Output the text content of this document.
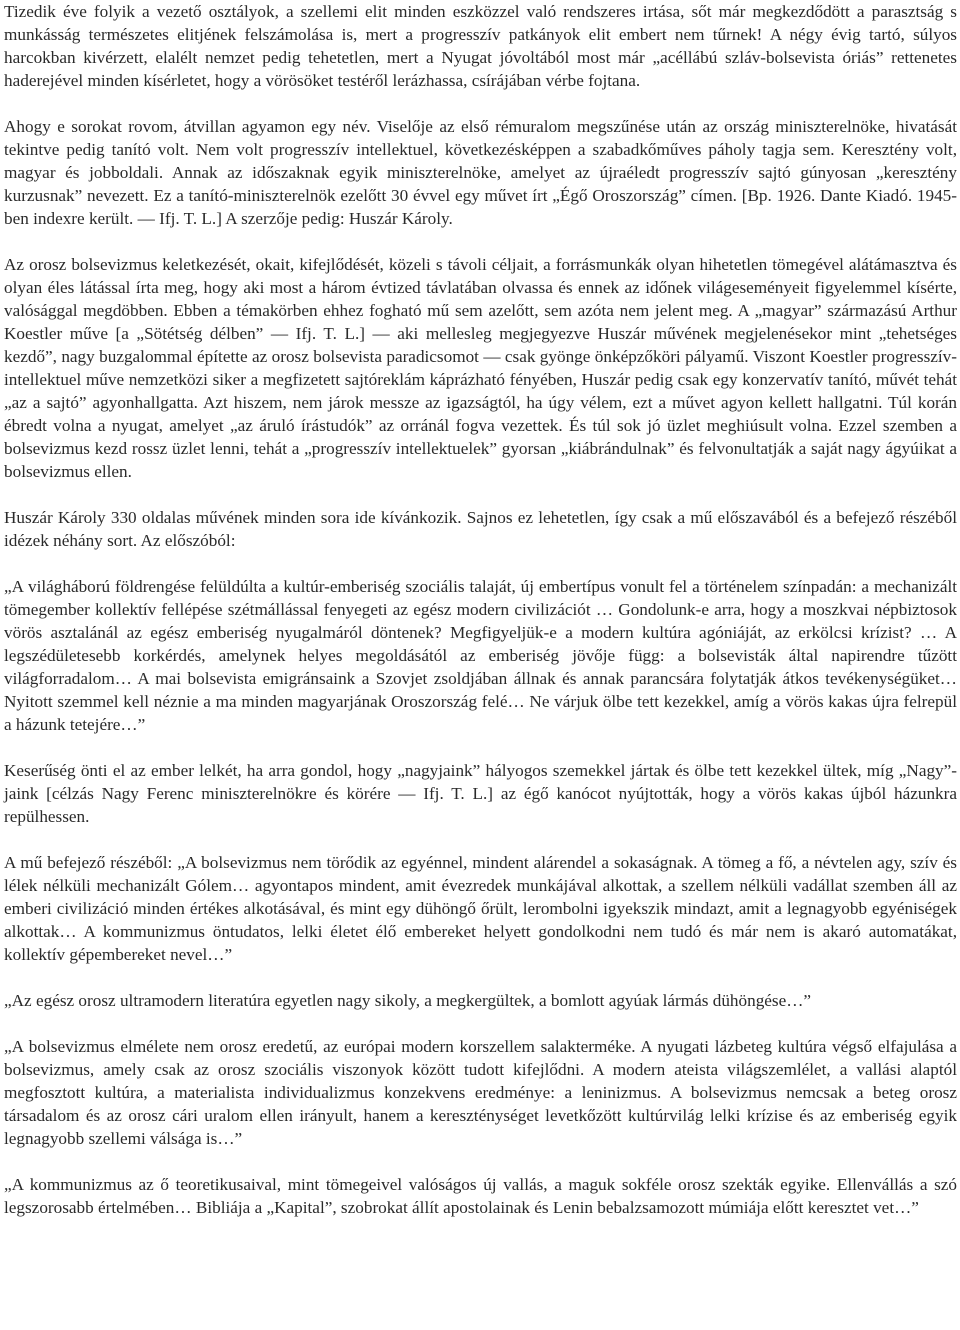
Tizedik éve folyik a vezető osztályok, a szellemi elit minden eszközzel való rendszeres irtása, sőt már megkezdődött a parasztság s munkásság természetes elitjének felszámolása is, mert a progresszív patkányok elit embert nem tűrnek! A négy évig tartó, súlyos harcokban kivérzett, elalélt nemzet pedig tehetetlen, mert a Nyugat jóvoltából most már „acéllábú szláv-bolsevista óriás” rettenetes haderejével minden kísérletet, hogy a vörösöket testéről lerázhassa, csírájában vérbe fojtana.

Ahogy e sorokat rovom, átvillan agyamon egy név. Viselője az első rémuralom megszűnése után az ország miniszterelnöke, hivatását tekintve pedig tanító volt. Nem volt progresszív intellektuel, következésképpen a szabadkőműves páholy tagja sem. Keresztény volt, magyar és jobboldali. Annak az időszaknak egyik miniszterelnöke, amelyet az újraéledt progresszív sajtó gúnyosan „keresztény kurzusnak” nevezett. Ez a tanító-miniszterelnök ezelőtt 30 évvel egy művet írt „Égő Oroszország” címen. [Bp. 1926. Dante Kiadó. 1945-ben indexre került. — Ifj. T. L.] A szerzője pedig: Huszár Károly.

Az orosz bolsevizmus keletkezését, okait, kifejlődését, közeli s távoli céljait, a forrásmunkák olyan hihetetlen tömegével alátámasztva és olyan éles látással írta meg, hogy aki most a három évtized távlatában olvassa és ennek az időnek világeseményeit figyelemmel kísérte, valósággal megdöbben. Ebben a témakörben ehhez fogható mű sem azelőtt, sem azóta nem jelent meg. A „magyar” származású Arthur Koestler műve [a „Sötétség délben” — Ifj. T. L.] — aki mellesleg megjegyezve Huszár művének megjelenésekor mint „tehetséges kezdő”, nagy buzgalommal építette az orosz bolsevista paradicsomot — csak gyönge önképzőköri pályamű. Viszont Koestler progresszív-intellektuel műve nemzetközi siker a megfizetett sajtóreklám káprázható fényében, Huszár pedig csak egy konzervatív tanító, művét tehát „az a sajtó” agyonhallgatta. Azt hiszem, nem járok messze az igazságtól, ha úgy vélem, ezt a művet agyon kellett hallgatni. Túl korán ébredt volna a nyugat, amelyet „az áruló írástudók” az orránál fogva vezettek. És túl sok jó üzlet meghiúsult volna. Ezzel szemben a bolsevizmus kezd rossz üzlet lenni, tehát a „progresszív intellektuelek” gyorsan „kiábrándulnak” és felvonultatják a saját nagy ágyúikat a bolsevizmus ellen.

Huszár Károly 330 oldalas művének minden sora ide kívánkozik. Sajnos ez lehetetlen, így csak a mű előszavából és a befejező részéből idézek néhány sort. Az előszóból:

„A világháború földrengése felüldúlta a kultúr-emberiség szociális talaját, új embertípus vonult fel a történelem színpadán: a mechanizált tömegember kollektív fellépése szétmállással fenyegeti az egész modern civilizációt … Gondolunk-e arra, hogy a moszkvai népbiztosok vörös asztalánál az egész emberiség nyugalmáról döntenek? Megfigyeljük-e a modern kultúra agóniáját, az erkölcsi krízist? … A legszédületesebb korkérdés, amelynek helyes megoldásától az emberiség jövője függ: a bolsevisták által napirendre tűzött világforradalom… A mai bolsevista emigránsaink a Szovjet zsoldjában állnak és annak parancsára folytatják átkos tevékenységüket… Nyitott szemmel kell néznie a ma minden magyarjának Oroszország felé… Ne várjuk ölbe tett kezekkel, amíg a vörös kakas újra felrepül a házunk tetejére…”

Keserűség önti el az ember lelkét, ha arra gondol, hogy „nagyjaink” hályogos szemekkel jártak és ölbe tett kezekkel ültek, míg „Nagy”-jaink [célzás Nagy Ferenc miniszterelnökre és körére — Ifj. T. L.] az égő kanócot nyújtották, hogy a vörös kakas újból házunkra repülhessen.

A mű befejező részéből: „A bolsevizmus nem törődik az egyénnel, mindent alárendel a sokaságnak. A tömeg a fő, a névtelen agy, szív és lélek nélküli mechanizált Gólem… agyontapos mindent, amit évezredek munkájával alkottak, a szellem nélküli vadállat szemben áll az emberi civilizáció minden értékes alkotásával, és mint egy dühöngő őrült, lerombolni igyekszik mindazt, amit a legnagyobb egyéniségek alkottak… A kommunizmus öntudatos, lelki életet élő embereket helyett gondolkodni nem tudó és már nem is akaró automatákat, kollektív gépembereket nevel…”

„Az egész orosz ultramodern literatúra egyetlen nagy sikoly, a megkergültek, a bomlott agyúak lármás dühöngése…”

„A bolsevizmus elmélete nem orosz eredetű, az európai modern korszellem salakterméke. A nyugati lázbeteg kultúra végső elfajulása a bolsevizmus, amely csak az orosz szociális viszonyok között tudott kifejlődni. A modern ateista világszemlélet, a vallási alaptól megfosztott kultúra, a materialista individualizmus konzekvens eredménye: a leninizmus. A bolsevizmus nemcsak a beteg orosz társadalom és az orosz cári uralom ellen irányult, hanem a kereszténységet levetkőzött kultúrvilág lelki krízise és az emberiség egyik legnagyobb szellemi válsága is…”

„A kommunizmus az ő teoretikusaival, mint tömegeivel valóságos új vallás, a maguk sokféle orosz szekták egyike. Ellenvállás a szó legszorosabb értelmében… Bibliája a „Kapital”, szobrokat állít apostolainak és Lenin bebalzsamozott múmiája előtt keresztet vet…”
